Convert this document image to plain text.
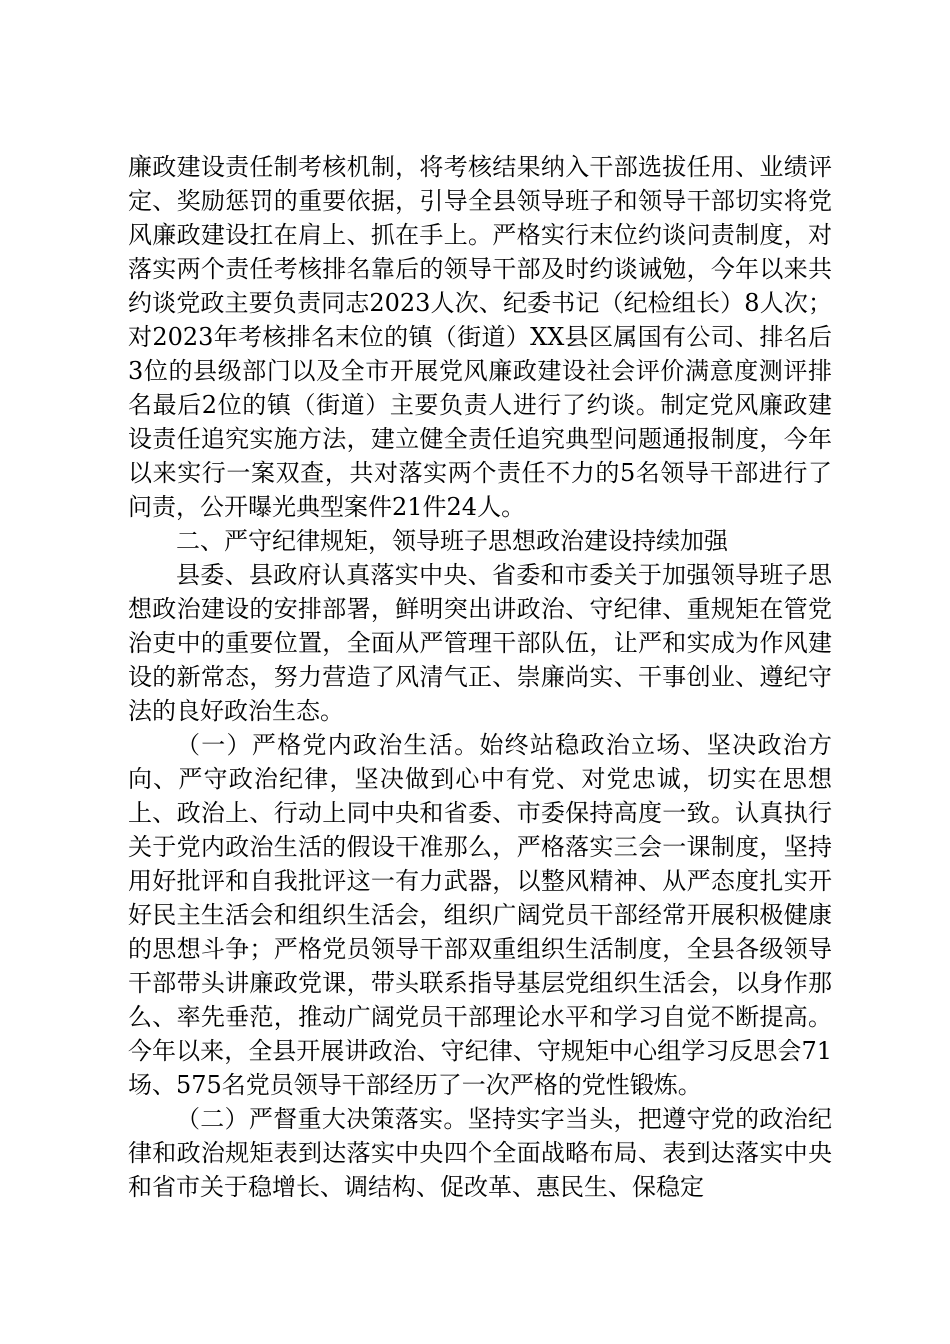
廉政建设责任制考核机制，将考核结果纳入干部选拔任用、业绩评定、奖励惩罚的重要依据，引导全县领导班子和领导干部切实将党风廉政建设扛在肩上、抓在手上。严格实行末位约谈问责制度，对落实两个责任考核排名靠后的领导干部及时约谈诫勉，今年以来共约谈党政主要负责同志2023人次、纪委书记（纪检组长）8人次；对2023年考核排名末位的镇（街道）XX县区属国有公司、排名后3位的县级部门以及全市开展党风廉政建设社会评价满意度测评排名最后2位的镇（街道）主要负责人进行了约谈。制定党风廉政建设责任追究实施方法，建立健全责任追究典型问题通报制度，今年以来实行一案双查，共对落实两个责任不力的5名领导干部进行了问责，公开曝光典型案件21件24人。

二、严守纪律规矩，领导班子思想政治建设持续加强

县委、县政府认真落实中央、省委和市委关于加强领导班子思想政治建设的安排部署，鲜明突出讲政治、守纪律、重规矩在管党治吏中的重要位置，全面从严管理干部队伍，让严和实成为作风建设的新常态，努力营造了风清气正、崇廉尚实、干事创业、遵纪守法的良好政治生态。

（一）严格党内政治生活。始终站稳政治立场、坚决政治方向、严守政治纪律，坚决做到心中有党、对党忠诚，切实在思想上、政治上、行动上同中央和省委、市委保持高度一致。认真执行关于党内政治生活的假设干准那么，严格落实三会一课制度，坚持用好批评和自我批评这一有力武器，以整风精神、从严态度扎实开好民主生活会和组织生活会，组织广阔党员干部经常开展积极健康的思想斗争；严格党员领导干部双重组织生活制度，全县各级领导干部带头讲廉政党课，带头联系指导基层党组织生活会，以身作那么、率先垂范，推动广阔党员干部理论水平和学习自觉不断提高。今年以来，全县开展讲政治、守纪律、守规矩中心组学习反思会71场、575名党员领导干部经历了一次严格的党性锻炼。

（二）严督重大决策落实。坚持实字当头，把遵守党的政治纪律和政治规矩表到达落实中央四个全面战略布局、表到达落实中央和省市关于稳增长、调结构、促改革、惠民生、保稳定
